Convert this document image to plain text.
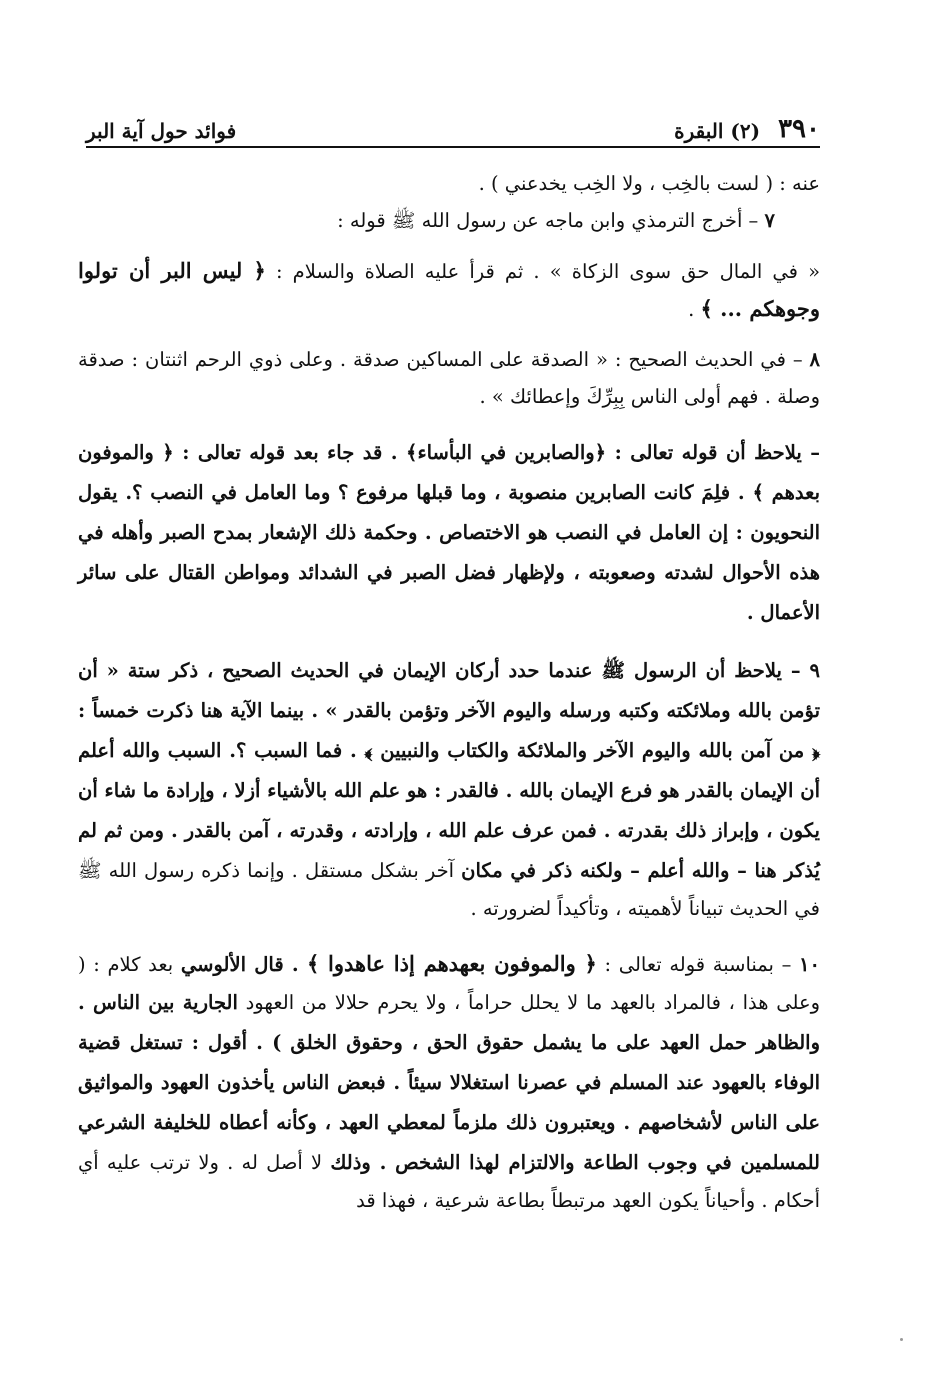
٣٩٠
(٢) البقرة
فوائد حول آية البر

عنه : ( لست بالخِب ، ولا الخِب يخدعني ) .

٧ – أخرج الترمذي وابن ماجه عن رسول الله ﷺ قوله :

« في المال حق سوى الزكاة » . ثم قرأ عليه الصلاة والسلام : ﴿ ليس البر أن تولوا وجوهكم ... ﴾ .

٨ – في الحديث الصحيح : « الصدقة على المساكين صدقة . وعلى ذوي الرحم اثنتان : صدقة وصلة . فهم أولى الناس بِبِرِّكَ وإعطائك » .

– يلاحظ أن قوله تعالى : ﴿والصابرين في البأساء﴾ . قد جاء بعد قوله تعالى : ﴿ والموفون بعدهم ﴾ . فلِمَ كانت الصابرين منصوبة ، وما قبلها مرفوع ؟ وما العامل في النصب ؟. يقول النحويون : إن العامل في النصب هو الاختصاص . وحكمة ذلك الإشعار بمدح الصبر وأهله في هذه الأحوال لشدته وصعوبته ، ولإظهار فضل الصبر في الشدائد ومواطن القتال على سائر الأعمال .

٩ – يلاحظ أن الرسول ﷺ عندما حدد أركان الإيمان في الحديث الصحيح ، ذكر ستة « أن تؤمن بالله وملائكته وكتبه ورسله واليوم الآخر وتؤمن بالقدر » . بينما الآية هنا ذكرت خمساً : ﴿ من آمن بالله واليوم الآخر والملائكة والكتاب والنبيين ﴾ . فما السبب ؟. السبب والله أعلم أن الإيمان بالقدر هو فرع الإيمان بالله . فالقدر : هو علم الله بالأشياء أزلا ، وإرادة ما شاء أن يكون ، وإبراز ذلك بقدرته . فمن عرف علم الله ، وإرادته ، وقدرته ، آمن بالقدر . ومن ثم لم يُذكر هنا – والله أعلم – ولكنه ذكر في مكان آخر بشكل مستقل . وإنما ذكره رسول الله ﷺ في الحديث تبياناً لأهميته ، وتأكيداً لضرورته .

١٠ – بمناسبة قوله تعالى : ﴿ والموفون بعهدهم إذا عاهدوا ﴾ . قال الألوسي بعد كلام : ( وعلى هذا ، فالمراد بالعهد ما لا يحلل حراماً ، ولا يحرم حلالا من العهود الجارية بين الناس . والظاهر حمل العهد على ما يشمل حقوق الحق ، وحقوق الخلق ) . أقول : تستغل قضية الوفاء بالعهود عند المسلم في عصرنا استغلالا سيئاً . فبعض الناس يأخذون العهود والمواثيق على الناس لأشخاصهم . ويعتبرون ذلك ملزماً لمعطي العهد ، وكأنه أعطاه للخليفة الشرعي للمسلمين في وجوب الطاعة والالتزام لهذا الشخص . وذلك لا أصل له . ولا ترتب عليه أي أحكام . وأحياناً يكون العهد مرتبطاً بطاعة شرعية ، فهذا قد
